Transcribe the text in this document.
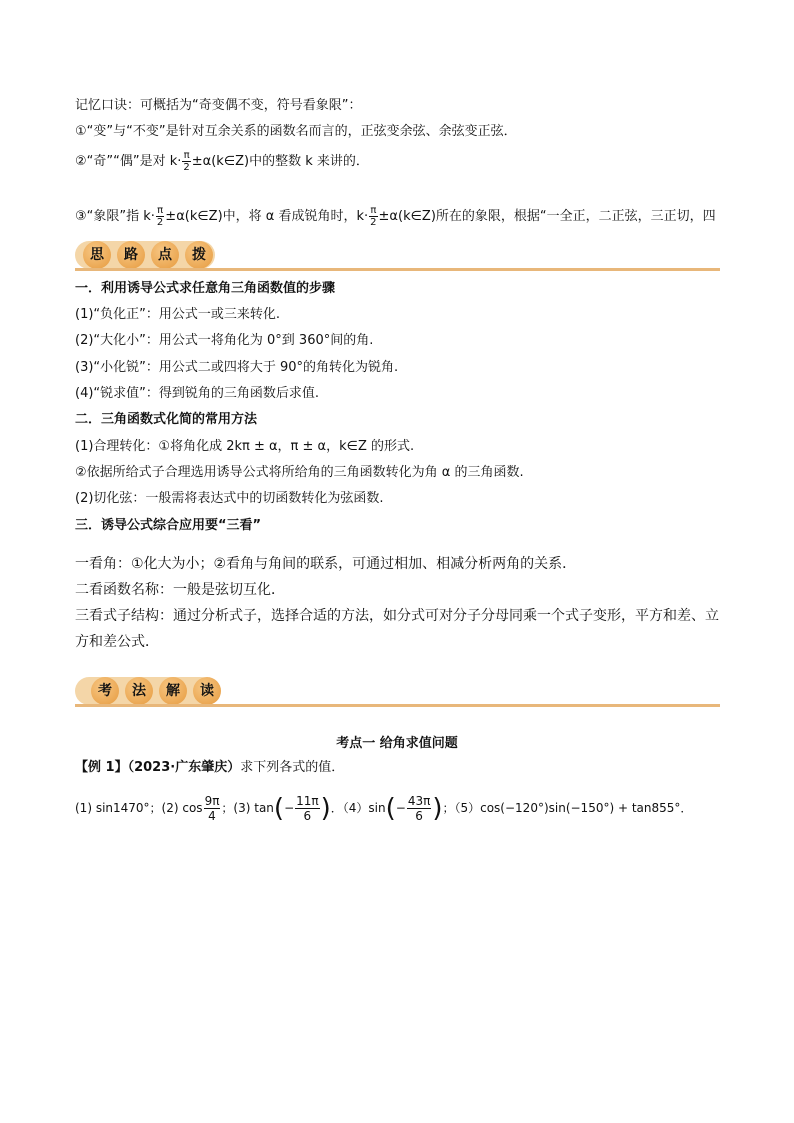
记忆口诀：可概括为“奇变偶不变，符号看象限”：
①“变”与“不变”是针对互余关系的函数名而言的，正弦变余弦、余弦变正弦．
②“奇”“偶”是对 $k\cdot \frac{\pi}{2}$ ±α(k∈Z)中的整数 k 来讲的．
③“象限”指 $k\cdot \frac{\pi}{2}$ ±α(k∈Z)中，将 α 看成锐角时，$k\cdot \frac{\pi}{2}$ ±α(k∈Z)所在的象限，根据“一全正，二正弦，三正切，四
思	路	点	拨
一．利用诱导公式求任意角三角函数值的步骤
(1)“负化正”：用公式一或三来转化.
(2)“大化小”：用公式一将角化为 0°到 360°间的角.
(3)“小化锐”：用公式二或四将大于 90°的角转化为锐角.
(4)“锐求值”：得到锐角的三角函数后求值.
二．三角函数式化简的常用方法
(1)合理转化：①将角化成 2kπ ± α，π ± α，k∈Z 的形式.
②依据所给式子合理选用诱导公式将所给角的三角函数转化为角 α 的三角函数.
(2)切化弦：一般需将表达式中的切函数转化为弦函数.
三．诱导公式综合应用要“三看”
一看角：①化大为小；②看角与角间的联系，可通过相加、相减分析两角的关系．
二看函数名称：一般是弦切互化．
三看式子结构：通过分析式子，选择合适的方法，如分式可对分子分母同乘一个式子变形，平方和差、立
方和差公式．
考	法	解	读
考点一 给角求值问题
【例 1】（2023·广东肇庆）求下列各式的值．
(1) sin1470°；(2) $\cos \frac{9\pi}{4}$ ；(3) $\tan(- \frac{11\pi}{6}$ )．$(4)\sin(- \frac{43\pi}{6}$ )；（5）cos(−120°)sin(−150°) + tan855°．
